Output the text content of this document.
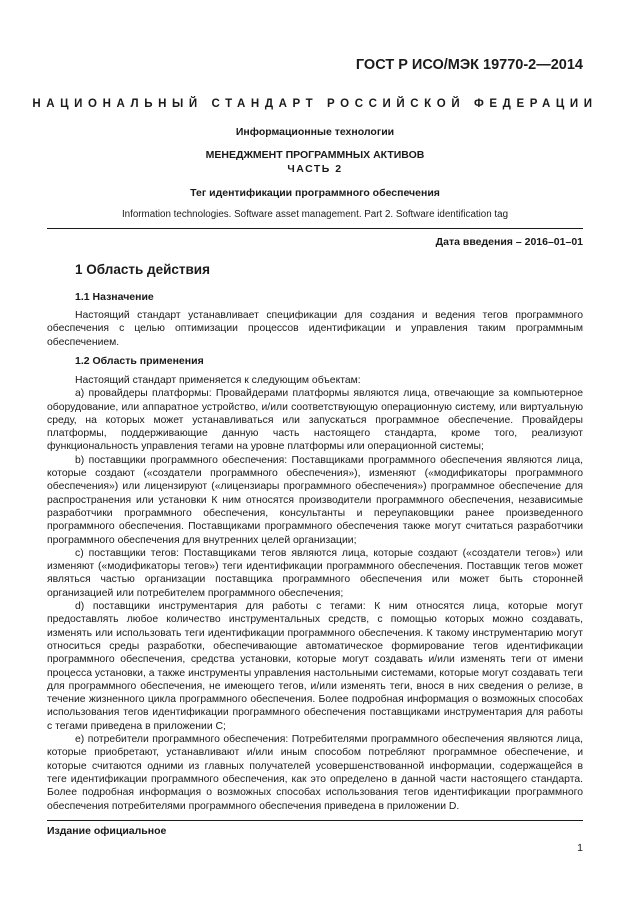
ГОСТ Р ИСО/МЭК 19770-2—2014
НАЦИОНАЛЬНЫЙ СТАНДАРТ РОССИЙСКОЙ ФЕДЕРАЦИИ
Информационные технологии
МЕНЕДЖМЕНТ ПРОГРАММНЫХ АКТИВОВ
ЧАСТЬ 2
Тег идентификации программного обеспечения
Information technologies. Software asset management. Part 2. Software identification tag
Дата введения – 2016–01–01
1 Область действия
1.1 Назначение

Настоящий стандарт устанавливает спецификации для создания и ведения тегов программного обеспечения с целью оптимизации процессов идентификации и управления таким программным обеспечением.

1.2 Область применения

Настоящий стандарт применяется к следующим объектам:

а) провайдеры платформы: Провайдерами платформы являются лица, отвечающие за компьютерное оборудование, или аппаратное устройство, и/или соответствующую операционную систему, или виртуальную среду, на которых может устанавливаться или запускаться программное обеспечение. Провайдеры платформы, поддерживающие данную часть настоящего стандарта, кроме того, реализуют функциональность управления тегами на уровне платформы или операционной системы;

b) поставщики программного обеспечения: Поставщиками программного обеспечения являются лица, которые создают («создатели программного обеспечения»), изменяют («модификаторы программного обеспечения») или лицензируют («лицензиары программного обеспечения») программное обеспечение для распространения или установки К ним относятся производители программного обеспечения, независимые разработчики программного обеспечения, консультанты и переупаковщики ранее произведенного программного обеспечения. Поставщиками программного обеспечения также могут считаться разработчики программного обеспечения для внутренних целей организации;

c) поставщики тегов: Поставщиками тегов являются лица, которые создают («создатели тегов») или изменяют («модификаторы тегов») теги идентификации программного обеспечения. Поставщик тегов может являться частью организации поставщика программного обеспечения или может быть сторонней организацией или потребителем программного обеспечения;

d) поставщики инструментария для работы с тегами: К ним относятся лица, которые могут предоставлять любое количество инструментальных средств, с помощью которых можно создавать, изменять или использовать теги идентификации программного обеспечения. К такому инструментарию могут относиться среды разработки, обеспечивающие автоматическое формирование тегов идентификации программного обеспечения, средства установки, которые могут создавать и/или изменять теги от имени процесса установки, а также инструменты управления настольными системами, которые могут создавать теги для программного обеспечения, не имеющего тегов, и/или изменять теги, внося в них сведения о релизе, в течение жизненного цикла программного обеспечения. Более подробная информация о возможных способах использования тегов идентификации программного обеспечения поставщиками инструментария для работы с тегами приведена в приложении C;

e) потребители программного обеспечения: Потребителями программного обеспечения являются лица, которые приобретают, устанавливают и/или иным способом потребляют программное обеспечение, и которые считаются одними из главных получателей усовершенствованной информации, содержащейся в теге идентификации программного обеспечения, как это определено в данной части настоящего стандарта. Более подробная информация о возможных способах использования тегов идентификации программного обеспечения потребителями программного обеспечения приведена в приложении D.

Издание официальное
1
